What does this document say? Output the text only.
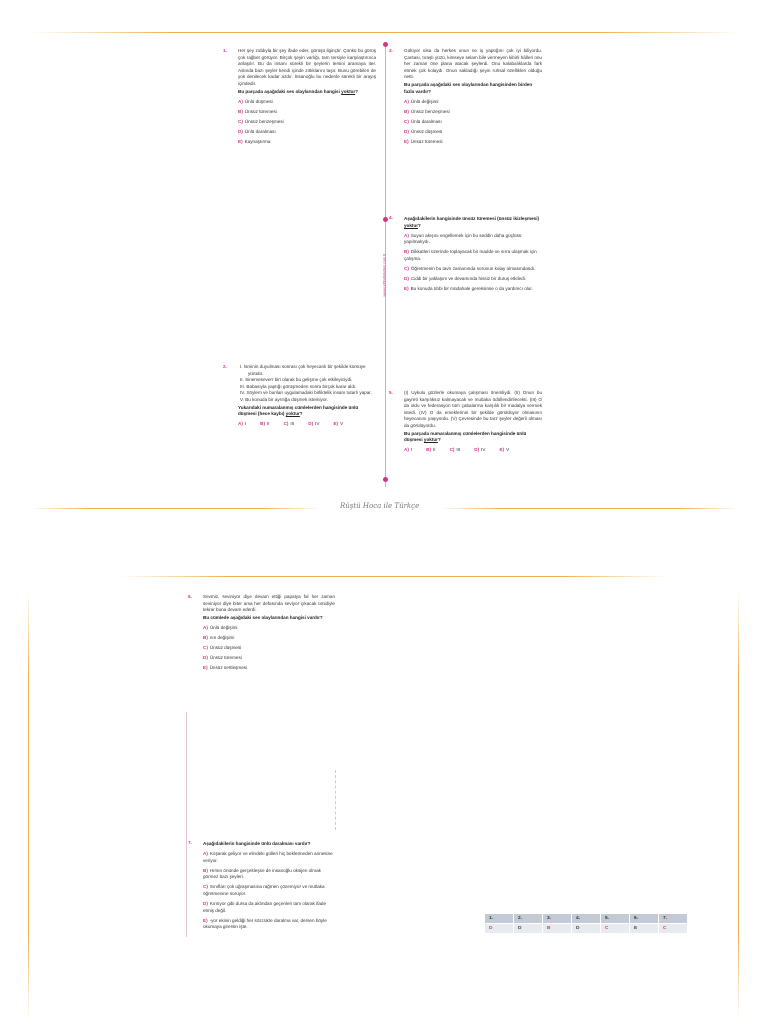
Rüştü Hoca ile Türkçe
www.pdfindirdelimi.com.tr
1. Her şey zıddıyla bir şey ifade eder, görüşü ilginçtir. Çünkü bu görüş çok rağbet görüyor. Birçok şeyin varlığı, tam tersiyle karşılaştırınca anlaşılır. Bu da insanı sürekli bir şeylerin tersini aramaya iter. Aslında bazı şeyler kendi içinde zıtlıklarını taşır. Bunu görebilen de yok denilecek kadar azdır. İnsanoğlu bu nedenle sürekli bir arayış içindedir.
Bu parçada aşağıdaki ses olaylarından hangisi yoktur?
A) Ünlü düşmesi
B) Ünsüz türemesi
C) Ünsüz benzeşmesi
D) Ünlü daralması
E) Kaynaştırma
2.	I. İsminin duyulması sonrası çok heyecanlı bir şekilde kürsüye yürüdü.
II. Sinemeseverr biri olarak bu gelişme çok etkileyiciydi.
III. Babasıyla yaptığı görüşmeden sonra birçok karar aldı.
IV. Söylem ve bunları uygulamadaki birliktelik insanı tutarlı yapar.
V. Bu konuda bir ayrılığa düşmek istemiyor.
Yukarıdaki numaralanmış cümlelerden hangisinde ünlü düşmesi (hece kaybı) yoktur?
A) I	B) II	C) III	D) IV	E) V
3. Gülüyor olsa da herkes onun ne iş yaptığını çok iyi biliyordu. Çantası, tıraşlı yüzü, kimseye selam bile vermeyen kibirli hâlleri onu her zaman öne plana atacak şeylerdi. Onu kalabalıklarda fark etmek çok kolaydı. Onun sakladığı şeyin ruhsal özellikleri olduğu netti.
Bu parçada aşağıdaki ses olaylarından hangisinden birden fazla vardır?
A) Ünlü değişimi
B) Ünsüz benzeşmesi
C) Ünlü daralması
D) Ünsüz düşmesi
E) Ünsüz türemesi
4. Aşağıdakilerin hangisinde ünsüz türemesi (ünsüz ikizleşmesi) yoktur?
A) Suyun akışını engellemek için bu seddin daha güçlüsü yapılmalıydı.
B) Dikkatleri üzerinde toplayacak bir madde ve sırra ulaşmak için çalışma.
C) Öğretmenin bu tavrı zamanında sorunun kolay olmasındandı.
D) Ciddi bir yaklaşım ve devamında hissiz bir duruş etkiledi.
E) Bu konuda tıbbi bir müdahale gereksinse o da yardımcı olur.
5. (I) Uykulu gözlerle okumaya çalışması önemliydi. (II) Onun bu gayreti karşılıksız kalmayacak ve mutlaka ödüllendirilecekti. (III) O da oldu ve federasyon tüm çabalarına karşılık bir madalya vermek istedi. (IV) O da emeklerinin bir şekilde görüldüyor olmasının heyecanını yaşıyordu. (V) Çevresinde bu tarz şeyler değerli olması da görülüyordu.
Bu parçada numaralanmış cümlelerden hangisinde ünlü düşmesi yoktur?
A) I	B) II	C) III	D) IV	E) V
6. Sevmiz, seviniyor diye devam ettiği papatya fal her zaman seviniyor diye biter ama her defasında seviyor çıkacak ümidiyle tekrar buna devam ederdi.
Bu cümlede aşağıdaki ses olaylarından hangisi vardır?
A) Ünlü değişimi
B) nın değişimi
C) Ünsüz düşmesi
D) Ünsüz türemesi
E) Ünsüz sertleşmesi
7. Aşağıdakilerin hangisinde ünlü daralması vardır?
A) Koşarak geliyor ve elindeki gülleri hiç bekletmeden annesine veriyor.
B) Hırsın önünde gerçekleşse de insanoğlu oksijen olmak görmez bazı şeyleri.
C) Sınıfları çok uğraşmasına rağmen çözemiyor ve mutlaka öğretmenine soruyor.
D) Kırıtıyor gibi dursa da aklından geçenleri tam olarak ifade etmiş değil.
E) -yor ekinin geldiği her sözcükte daralma var, dersen böyle okumaya girersin işte.
1.	2.	3.	4.	5.	6.	7.
D	D	B	D	C	E	C
